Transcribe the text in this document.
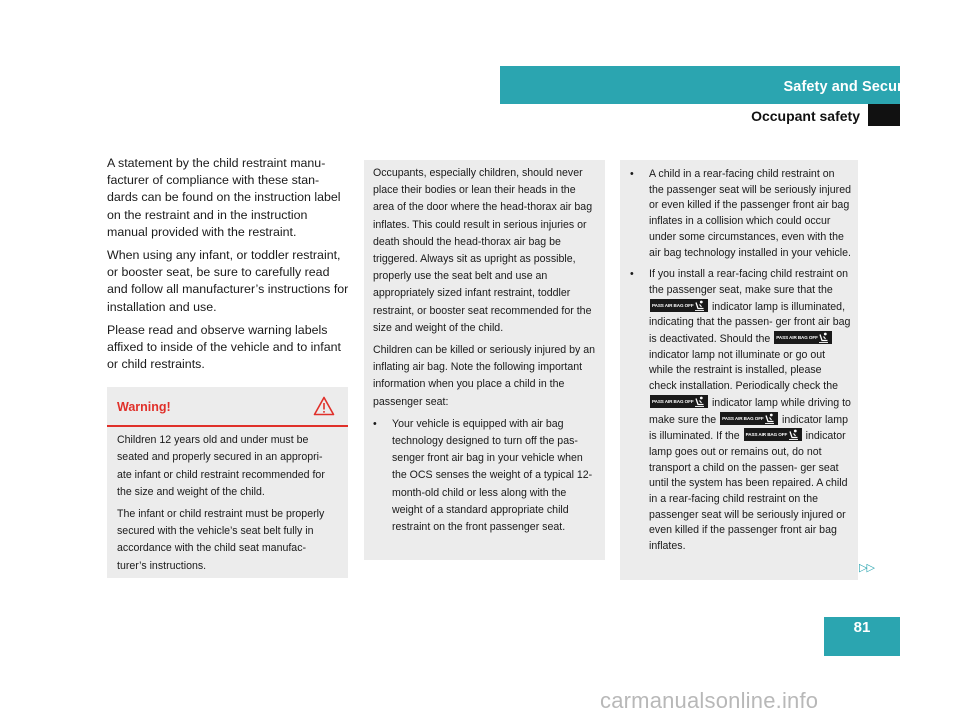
Safety and Security
Occupant safety

A statement by the child restraint manu- facturer of compliance with these stan- dards can be found on the instruction label on the restraint and in the instruction manual provided with the restraint.

When using any infant, or toddler restraint, or booster seat, be sure to carefully read and follow all manufacturer’s instructions for installation and use.

Please read and observe warning labels affixed to inside of the vehicle and to infant or child restraints.

Warning!

Children 12 years old and under must be seated and properly secured in an appropri- ate infant or child restraint recommended for the size and weight of the child.

The infant or child restraint must be properly secured with the vehicle’s seat belt fully in accordance with the child seat manufac- turer’s instructions.

Occupants, especially children, should never place their bodies or lean their heads in the area of the door where the head-thorax air bag inflates. This could result in serious injuries or death should the head-thorax air bag be triggered. Always sit as upright as possible, properly use the seat belt and use an appropriately sized infant restraint, toddler restraint, or booster seat recommended for the size and weight of the child.

Children can be killed or seriously injured by an inflating air bag. Note the following important information when you place a child in the passenger seat:

• Your vehicle is equipped with air bag technology designed to turn off the pas- senger front air bag in your vehicle when the OCS senses the weight of a typical 12-month-old child or less along with the weight of a standard appropriate child restraint on the front passenger seat.
• A child in a rear-facing child restraint on the passenger seat will be seriously injured or even killed if the passenger front air bag inflates in a collision which could occur under some circumstances, even with the air bag technology installed in your vehicle.
• If you install a rear-facing child restraint on the passenger seat, make sure that the
PASS AIR BAG OFF indicator lamp is illuminated, indicating that the passen- ger front air bag is deactivated. Should the PASS AIR BAG OFF
indicator lamp not illuminate or go out while the restraint is installed, please check installation. Periodically check the
PASS AIR BAG OFF indicator lamp while driving to make sure the PASS AIR BAG OFF indicator lamp is illuminated. If the PASS AIR BAG OFF indicator lamp goes out or remains out, do not transport a child on the passen- ger seat until the system has been repaired. A child in a rear-facing child restraint on the passenger seat will be seriously injured or even killed if the passenger front air bag inflates.
▷▷
81
carmanualsonline.info
